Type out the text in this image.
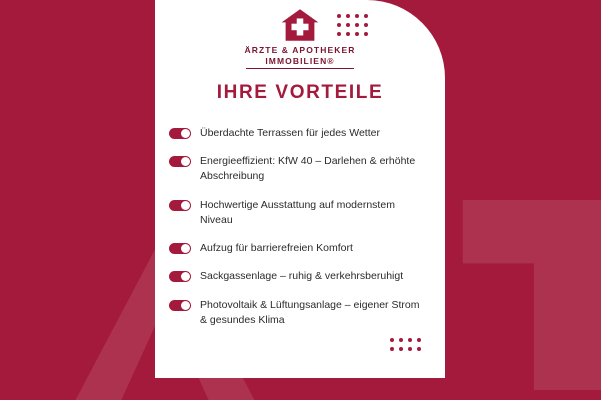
ÄRZTE & APOTHEKER
IMMOBILIEN®
IHRE VORTEILE
Überdachte Terrassen für jedes Wetter
Energieeffizient: KfW 40 – Darlehen & erhöhte Abschreibung
Hochwertige Ausstattung auf modernstem Niveau
Aufzug für barrierefreien Komfort
Sackgassenlage – ruhig & verkehrsberuhigt
Photovoltaik & Lüftungsanlage – eigener Strom & gesundes Klima
